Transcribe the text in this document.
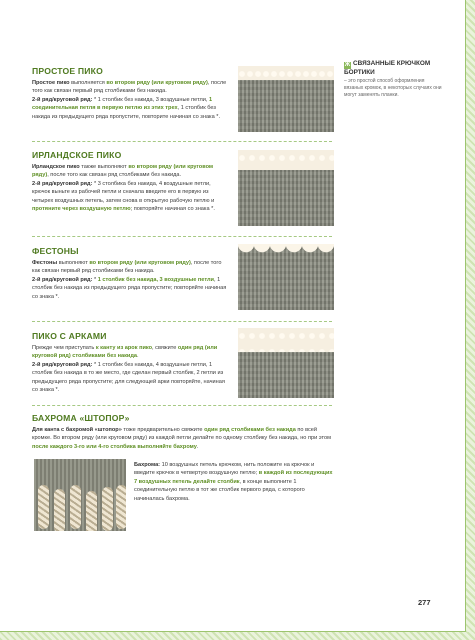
ПРОСТОЕ ПИКО
Простое пико выполняется во втором ряду (или круговом ряду), после того как связан первый ряд столбиками без накида.
2-й ряд/круговой ряд: * 1 столбик без накида, 3 воздушные петли, 1 соединительная петля в первую петлю из этих трех, 1 столбик без накида из предыдущего ряда пропустите, повторите начиная со знака *.
ИРЛАНДСКОЕ ПИКО
Ирландское пико также выполняют во втором ряду (или круговом ряду), после того как связан ряд столбиками без накида.
2-й ряд/круговой ряд: * 3 столбика без накида, 4 воздушные петли, крючок выньте из рабочей петли и сначала введите его в первую из четырех воздушных петель, затем снова в открытую рабочую петлю и протяните через воздушную петлю; повторяйте начиная со знака *.
ФЕСТОНЫ
Фестоны выполняют во втором ряду (или круговом ряду), после того как связан первый ряд столбиками без накида.
2-й ряд/круговой ряд: * 1 столбик без накида, 3 воздушные петли, 1 столбик без накида из предыдущего ряда пропустите; повторяйте начиная со знака *.
ПИКО С АРКАМИ
Прежде чем приступать к канту из арок пико, свяжите один ряд (или круговой ряд) столбиками без накида.
2-й ряд/круговой ряд: * 1 столбик без накида, 4 воздушные петли, 1 столбик без накида в то же место, где сделан первый столбик, 2 петли из предыдущего ряда пропустите; для следующей арки повторяйте, начиная со знака *.
БАХРОМА «ШТОПОР»
Для канта с бахромой «штопор» тоже предварительно свяжите один ряд столбиками без накида по всей кромке. Во втором ряду (или круговом ряду) из каждой петли делайте по одному столбику без накида, но при этом после каждого 3-го или 4-го столбика выполняйте бахрому.
Бахрома: 10 воздушных петель крючком, нить положите на крючок и введите крючок в четвертую воздушную петлю; в каждой из последующих 7 воздушных петель делайте столбик, в конце выполните 1 соединительную петлю в тот же столбик первого ряда, с которого начиналась бахрома.
Ж СВЯЗАННЫЕ КРЮЧКОМ БОРТИКИ
– это простой способ оформления вязаных кромок, в некоторых случаях они могут заменять планки.
277
